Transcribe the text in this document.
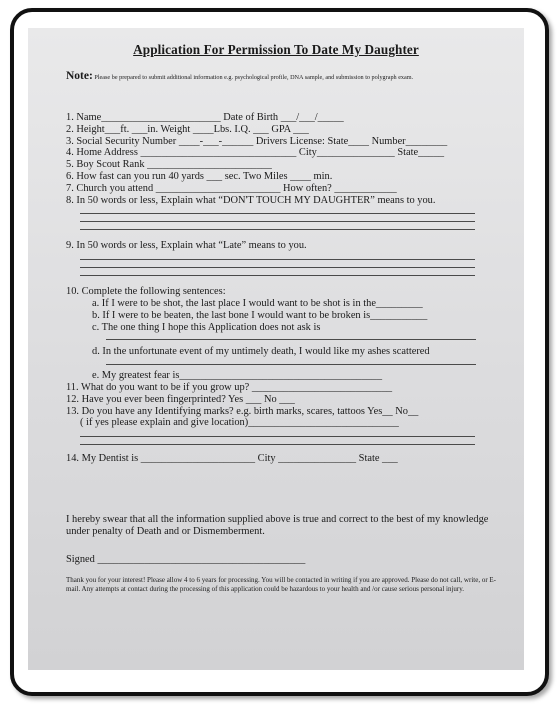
Application For Permission To Date My Daughter
Note: Please be prepared to submit additional information e.g. psychological profile, DNA sample, and submission to polygraph exam.
1. Name_______________________ Date of Birth ___/___/_____
2. Height___ft. ___in. Weight ____Lbs. I.Q. ___ GPA ___
3. Social Security Number ____-___-______ Drivers License: State____ Number________
4. Home Address ______________________________ City_______________ State_____
5. Boy Scout Rank ________________________
6. How fast can you run 40 yards ___ sec. Two Miles ____ min.
7. Church you attend ________________________ How often? ____________
8. In 50 words or less, Explain what “DON'T TOUCH MY DAUGHTER” means to you.
9. In 50 words or less, Explain what “Late” means to you.
10. Complete the following sentences:
a. If I were to be shot, the last place I would want to be shot is in the_________
b. If I were to be beaten, the last bone I would want to be broken is___________
c. The one thing I hope this Application does not ask is
d. In the unfortunate event of my untimely death, I would like my ashes scattered
e. My greatest fear is_______________________________________
11. What do you want to be if you grow up? ___________________________
12. Have you ever been fingerprinted? Yes ___ No ___
13. Do you have any Identifying marks? e.g. birth marks, scares, tattoos Yes__ No__
( if yes please explain and give location)_____________________________
14. My Dentist is ______________________ City _______________ State ___
I hereby swear that all the information supplied above is true and correct to the best of my knowledge under penalty of Death and or Dismemberment.
Signed ________________________________________
Thank you for your interest! Please allow 4 to 6 years for processing. You will be contacted in writing if you are approved. Please do not call, write, or E-mail. Any attempts at contact during the processing of this application could be hazardous to your health and /or cause serious personal injury.
